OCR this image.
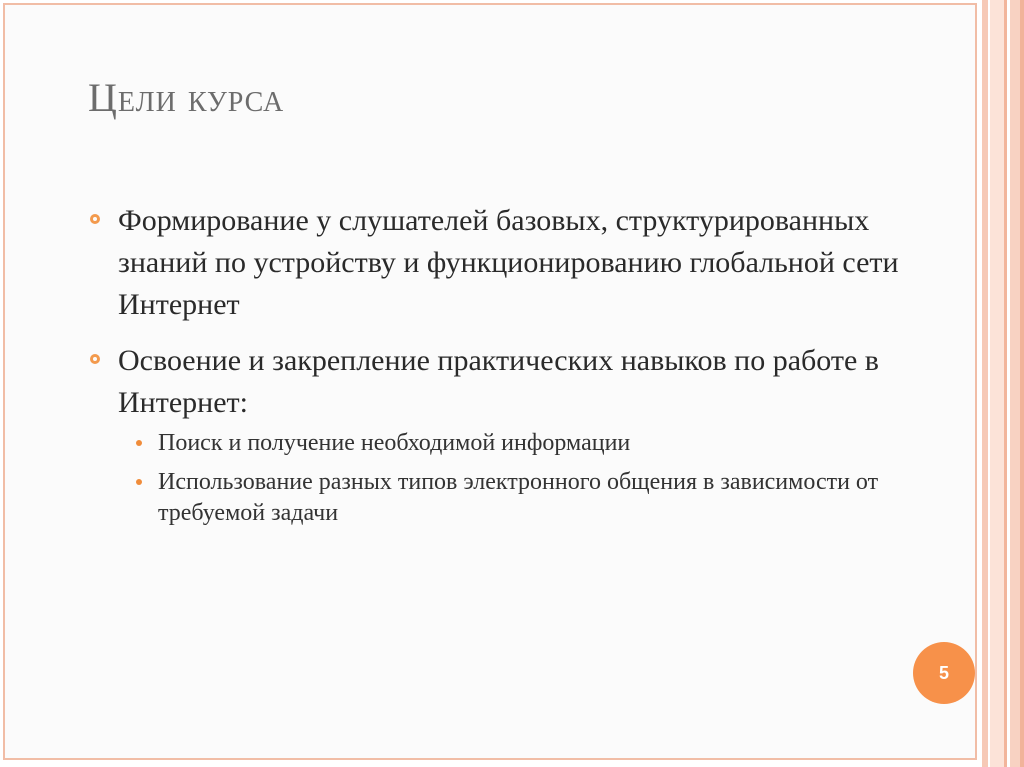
Цели курса
Формирование у слушателей базовых, структурированных знаний по устройству и функционированию глобальной сети Интернет
Освоение и закрепление практических навыков по работе в Интернет:
Поиск и получение необходимой информации
Использование разных типов электронного общения в зависимости от требуемой задачи
5
